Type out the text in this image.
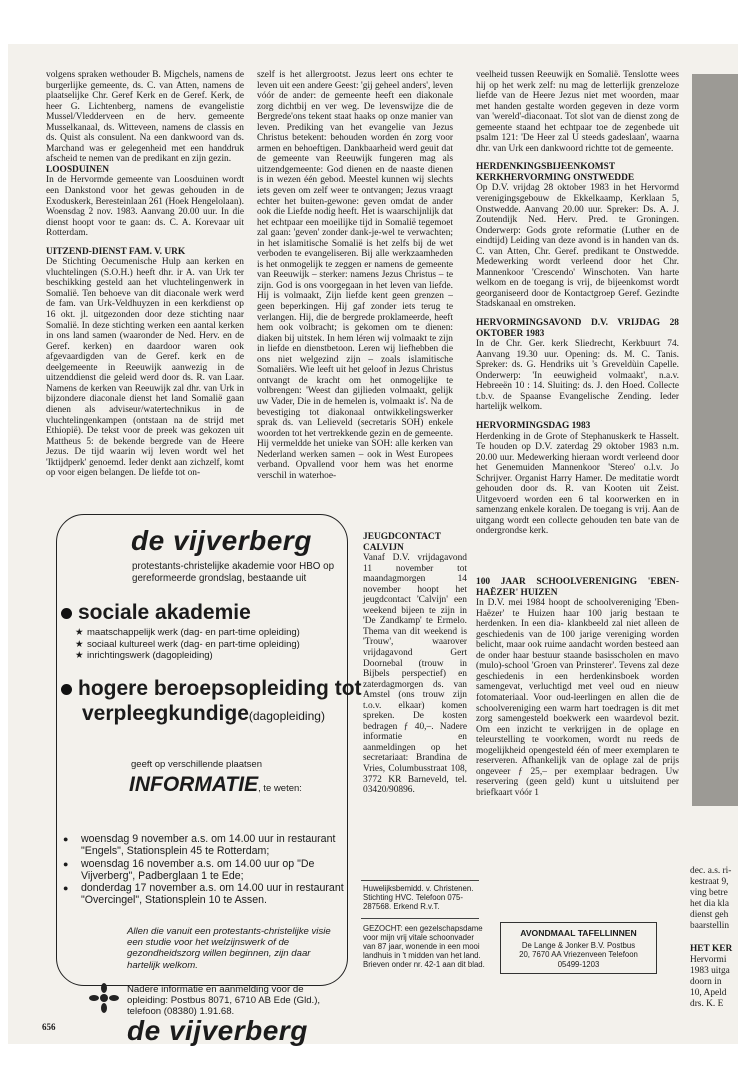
volgens spraken wethouder B. Migchels, namens de burgerlijke gemeente, ds. C. van Atten, namens de plaatselijke Chr. Geref Kerk en de Geref. Kerk, de heer G. Lichtenberg, namens de evangelistie Mussel/Vledderveen en de herv. gemeente Musselkanaal, ds. Witteveen, namens de classis en ds. Quist als consulent. Na een dankwoord van ds. Marchand was er gelegenheid met een handdruk afscheid te nemen van de predikant en zijn gezin.

LOOSDUINEN

In de Hervormde gemeente van Loosduinen wordt een Dankstond voor het gewas gehouden in de Exoduskerk, Beresteinlaan 261 (Hoek Hengelolaan). Woensdag 2 nov. 1983. Aanvang 20.00 uur. In die dienst hoopt voor te gaan: ds. C. A. Korevaar uit Rotterdam.

UITZEND-DIENST FAM. V. URK

De Stichting Oecumenische Hulp aan kerken en vluchtelingen (S.O.H.) heeft dhr. ir A. van Urk ter beschikking gesteld aan het vluchtelingenwerk in Somalië. Ten behoeve van dit diaconale werk werd de fam. van Urk-Veldhuyzen in een kerkdienst op 16 okt. jl. uitgezonden door deze stichting naar Somalië. In deze stichting werken een aantal kerken in ons land samen (waaronder de Ned. Herv. en de Geref. kerken) en daardoor waren ook afgevaardigden van de Geref. kerk en de deelgemeente in Reeuwijk aanwezig in de uitzenddienst die geleid werd door ds. R. van Laar. Namens de kerken van Reeuwijk zal dhr. van Urk in bijzondere diaconale dienst het land Somalië gaan dienen als adviseur/watertechnikus in de vluchtelingenkampen (ontstaan na de strijd met Ethiopië). De tekst voor de preek was gekozen uit Mattheus 5: de bekende bergrede van de Heere Jezus. De tijd waarin wij leven wordt wel het 'Iktijdperk' genoemd. Ieder denkt aan zichzelf, komt op voor eigen belangen. De liefde tot on-

szelf is het allergrootst. Jezus leert ons echter te leven uit een andere Geest: 'gij geheel anders', leven vóór de ander: de gemeente heeft een diakonale zorg dichtbij en ver weg. De levenswijze die de Bergrede'ons tekent staat haaks op onze manier van leven. Prediking van het evangelie van Jezus Christus betekent: behouden worden én zorg voor armen en behoeftigen. Dankbaarheid werd geuit dat de gemeente van Reeuwijk fungeren mag als uitzendgemeente: God dienen en de naaste dienen is in wezen één gebod. Meestel kunnen wij slechts iets geven om zelf weer te ontvangen; Jezus vraagt echter het buiten-gewone: geven omdat de ander ook die Liefde nodig heeft. Het is waarschijnlijk dat het echtpaar een moeilijke tijd in Somalië tegemoet zal gaan: 'geven' zonder dank-je-wel te verwachten; in het islamitische Somalië is het zelfs bij de wet verboden te evangeliseren. Bij alle werkzaamheden is het onmogelijk te zeggen er namens de gemeente van Reeuwijk – sterker: namens Jezus Christus – te zijn. God is ons voorgegaan in het leven van liefde. Hij is volmaakt, Zijn liefde kent geen grenzen – geen beperkingen. Hij gaf zonder iets terug te verlangen. Hij, die de bergrede proklameerde, heeft hem ook volbracht; is gekomen om te dienen: diaken bij uitstek. In hem léren wij volmaakt te zijn in liefde en dienstbetoon. Leren wij liefhebben die ons niet welgezind zijn – zoals islamitische Somaliërs. Wie leeft uit het geloof in Jezus Christus ontvangt de kracht om het onmogelijke te volbrengen: 'Weest dan gijlieden volmaakt, gelijk uw Vader, Die in de hemelen is, volmaakt is'. Na de bevestiging tot diakonaal ontwikkelingswerker sprak ds. van Lelieveld (secretaris SOH) enkele woorden tot het vertrekkende gezin en de gemeente. Hij vermeldde het unieke van SOH: alle kerken van Nederland werken samen – ook in West Europees verband. Opvallend voor hem was het enorme verschil in waterhoe-

veelheid tussen Reeuwijk en Somalië. Tenslotte wees hij op het werk zelf: nu mag de letterlijk grenzeloze liefde van de Heere Jezus niet met woorden, maar met handen gestalte worden gegeven in deze vorm van 'wereld'-diaconaat. Tot slot van de dienst zong de gemeente staand het echtpaar toe de zegenbede uit psalm 121: 'De Heer zal U steeds gadeslaan', waarna dhr. van Urk een dankwoord richtte tot de gemeente.

HERDENKINGSBIJEENKOMST KERKHERVORMING ONSTWEDDE

Op D.V. vrijdag 28 oktober 1983 in het Hervormd verenigingsgebouw de Ekkelkaamp, Kerklaan 5, Onstwedde. Aanvang 20.00 uur. Spreker: Ds. A. J. Zoutendijk Ned. Herv. Pred. te Groningen. Onderwerp: Gods grote reformatie (Luther en de eindtijd) Leiding van deze avond is in handen van ds. C. van Atten, Chr. Geref. predikant te Onstwedde. Medewerking wordt verleend door het Chr. Mannenkoor 'Crescendo' Winschoten. Van harte welkom en de toegang is vrij, de bijeenkomst wordt georganiseerd door de Kontactgroep Geref. Gezindte Stadskanaal en omstreken.

HERVORMINGSAVOND D.V. VRIJDAG 28 OKTOBER 1983

In de Chr. Ger. kerk Sliedrecht, Kerkbuurt 74. Aanvang 19.30 uur. Opening: ds. M. C. Tanis. Spreker: ds. G. Hendriks uit 's Greveldùin Capelle. Onderwerp: 'In eeuwigheid volmaakt', n.a.v. Hebreeën 10 : 14. Sluiting: ds. J. den Hoed. Collecte t.b.v. de Spaanse Evangelische Zending. Ieder hartelijk welkom.

HERVORMINGSDAG 1983

Herdenking in de Grote of Stephanuskerk te Hasselt. Te houden op D.V. zaterdag 29 oktober 1983 n.m. 20.00 uur. Medewerking hieraan wordt verleend door het Genemuiden Mannenkoor 'Stereo' o.l.v. Jo Schrijver. Organist Harry Hamer. De meditatie wordt gehouden door ds. R. van Kooten uit Zeist. Uitgevoerd worden een 6 tal koorwerken en in samenzang enkele koralen. De toegang is vrij. Aan de uitgang wordt een collecte gehouden ten bate van de ondergrondse kerk.

100 JAAR SCHOOLVERENIGING 'EBEN-HAËZER' HUIZEN

In D.V. mei 1984 hoopt de schoolvereniging 'Eben- Haëzer' te Huizen haar 100 jarig bestaan te herdenken. In een dia- klankbeeld zal niet alleen de geschiedenis van de 100 jarige vereniging worden belicht, maar ook ruime aandacht worden besteed aan de onder haar bestuur staande basisscholen en mavo (mulo)-school 'Groen van Prinsterer'. Tevens zal deze geschiedenis in een herdenkinsboek worden samengevat, verluchtigd met veel oud en nieuw fotomateriaal. Voor oud-leerlingen en allen die de schoolvereniging een warm hart toedragen is dit met zorg samengesteld boekwerk een waardevol bezit. Om een inzicht te verkrijgen in de oplage en teleurstelling te voorkomen, wordt nu reeds de mogelijkheid opengesteld één of meer exemplaren te reserveren. Afhankelijk van de oplage zal de prijs ongeveer ƒ 25,– per exemplaar bedragen. Uw reservering (geen geld) kunt u uitsluitend per briefkaart vóór 1

JEUGDCONTACT CALVIJN

Vanaf D.V. vrijdagavond 11 november tot maandagmorgen 14 november hoopt het jeugdcontact 'Calvijn' een weekend bijeen te zijn in 'De Zandkamp' te Ermelo. Thema van dit weekend is 'Trouw', waarover vrijdagavond Gert Doornebal (trouw in Bijbels perspectief) en zaterdagmorgen ds. van Amstel (ons trouw zijn t.o.v. elkaar) komen spreken. De kosten bedragen ƒ 40,–. Nadere informatie en aanmeldingen op het secretariaat: Brandina de Vries, Columbusstraat 108, 3772 KR Barneveld, tel. 03420/90896.

Huwelijksbemidd. v. Christenen. Stichting HVC. Telefoon 075-287568. Erkend R.v.T.
GEZOCHT: een gezelschapsdame voor mijn vrij vitale schoonvader van 87 jaar, wonende in een mooi landhuis in 't midden van het land. Brieven onder nr. 42-1 aan dit blad.
AVONDMAAL TAFELLINNEN
De Lange & Jonker B.V. Postbus 20, 7670 AA Vriezenveen Telefoon 05499-1203
de vijverberg
protestants-christelijke akademie voor HBO op gereformeerde grondslag, bestaande uit
sociale akademie
★ maatschappelijk werk (dag- en part-time opleiding)
★ sociaal kultureel werk (dag- en part-time opleiding)
★ inrichtingswerk (dagopleiding)
hogere beroepsopleiding tot
verpleegkundige(dagopleiding)
geeft op verschillende plaatsen
INFORMATIE, te weten:
● woensdag 9 november a.s. om 14.00 uur in restaurant "Engels", Stationsplein 45 te Rotterdam;
● woensdag 16 november a.s. om 14.00 uur op "De Vijverberg", Padberglaan 1 te Ede;
● donderdag 17 november a.s. om 14.00 uur in restaurant "Overcingel", Stationsplein 10 te Assen.
Allen die vanuit een protestants-christelijke visie een studie voor het welzijnswerk of de gezondheidszorg willen beginnen, zijn daar hartelijk welkom.
Nadere informatie en aanmelding voor de opleiding: Postbus 8071, 6710 AB Ede (Gld.), telefoon (08380) 1.91.68.
de vijverberg
dec. a.s. ri-
kestraat 9,
ving betre
het dia kla
dienst geh
baarstellin
HET KER
Hervormi
1983 uitga
doorn in
10, Apeld
drs. K. E
656
